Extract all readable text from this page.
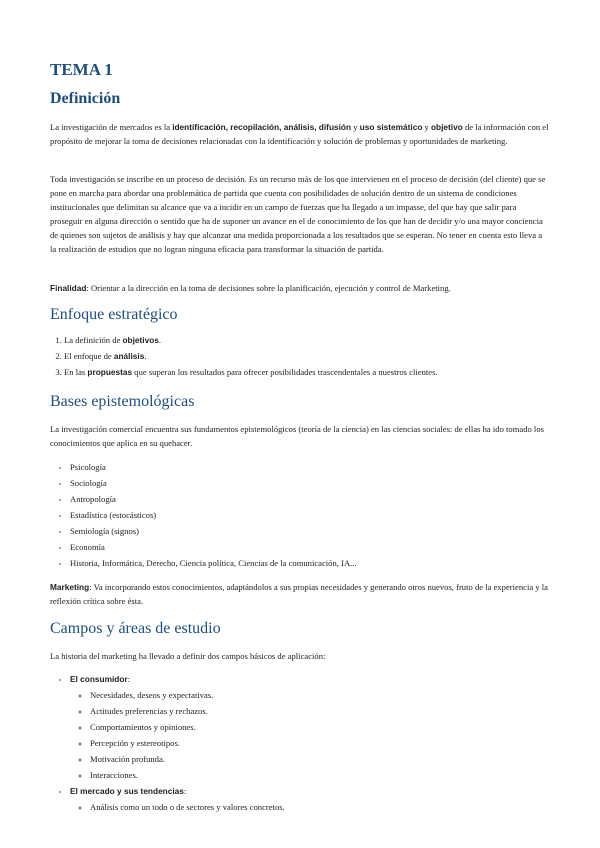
TEMA 1
Definición

La investigación de mercados es la identificación, recopilación, análisis, difusión y uso sistemático y objetivo de la información con el propósito de mejorar la toma de decisiones relacionadas con la identificación y solución de problemas y oportunidades de marketing.

Toda investigación se inscribe en un proceso de decisión. Es un recurso más de los que intervienen en el proceso de decisión (del cliente) que se pone en marcha para abordar una problemática de partida que cuenta con posibilidades de solución dentro de un sistema de condiciones institucionales que delimitan su alcance que va a incidir en un campo de fuerzas que ha llegado a un impasse, del que hay que salir para proseguir en alguna dirección o sentido que ha de suponer un avance en el de conocimiento de los que han de decidir y/o una mayor conciencia de quienes son sujetos de análisis y hay que alcanzar una medida proporcionada a los resultados que se esperan. No tener en cuenta esto lleva a la realización de estudios que no logran ninguna eficacia para transformar la situación de partida.

Finalidad: Orientar a la dirección en la toma de decisiones sobre la planificación, ejecución y control de Marketing.

Enfoque estratégico
1. La definición de objetivos.
2. El enfoque de análisis.
3. En las propuestas que superan los resultados para ofrecer posibilidades trascendentales a nuestros clientes.
Bases epistemológicas

La investigación comercial encuentra sus fundamentos epistemológicos (teoría de la ciencia) en las ciencias sociales: de ellas ha ido tomado los conocimientos que aplica en su quehacer.

• Psicología
• Sociología
• Antropología
• Estadística (estocásticos)
• Semiología (signos)
• Economía
• Historia, Informática, Derecho, Ciencia política, Ciencias de la comunicación, IA...

Marketing: Va incorporando estos conocimientos, adaptándolos a sus propias necesidades y generando otros nuevos, fruto de la experiencia y la reflexión crítica sobre ésta.

Campos y áreas de estudio

La historia del marketing ha llevado a definir dos campos básicos de aplicación:

• El consumidor:
◦ Necesidades, deseos y expectativas.
◦ Actitudes preferencias y rechazos.
◦ Comportamientos y opiniones.
◦ Percepción y estereotipos.
◦ Motivación profunda.
◦ Interacciones.
• El mercado y sus tendencias:
◦ Análisis como un todo o de sectores y valores concretos.
